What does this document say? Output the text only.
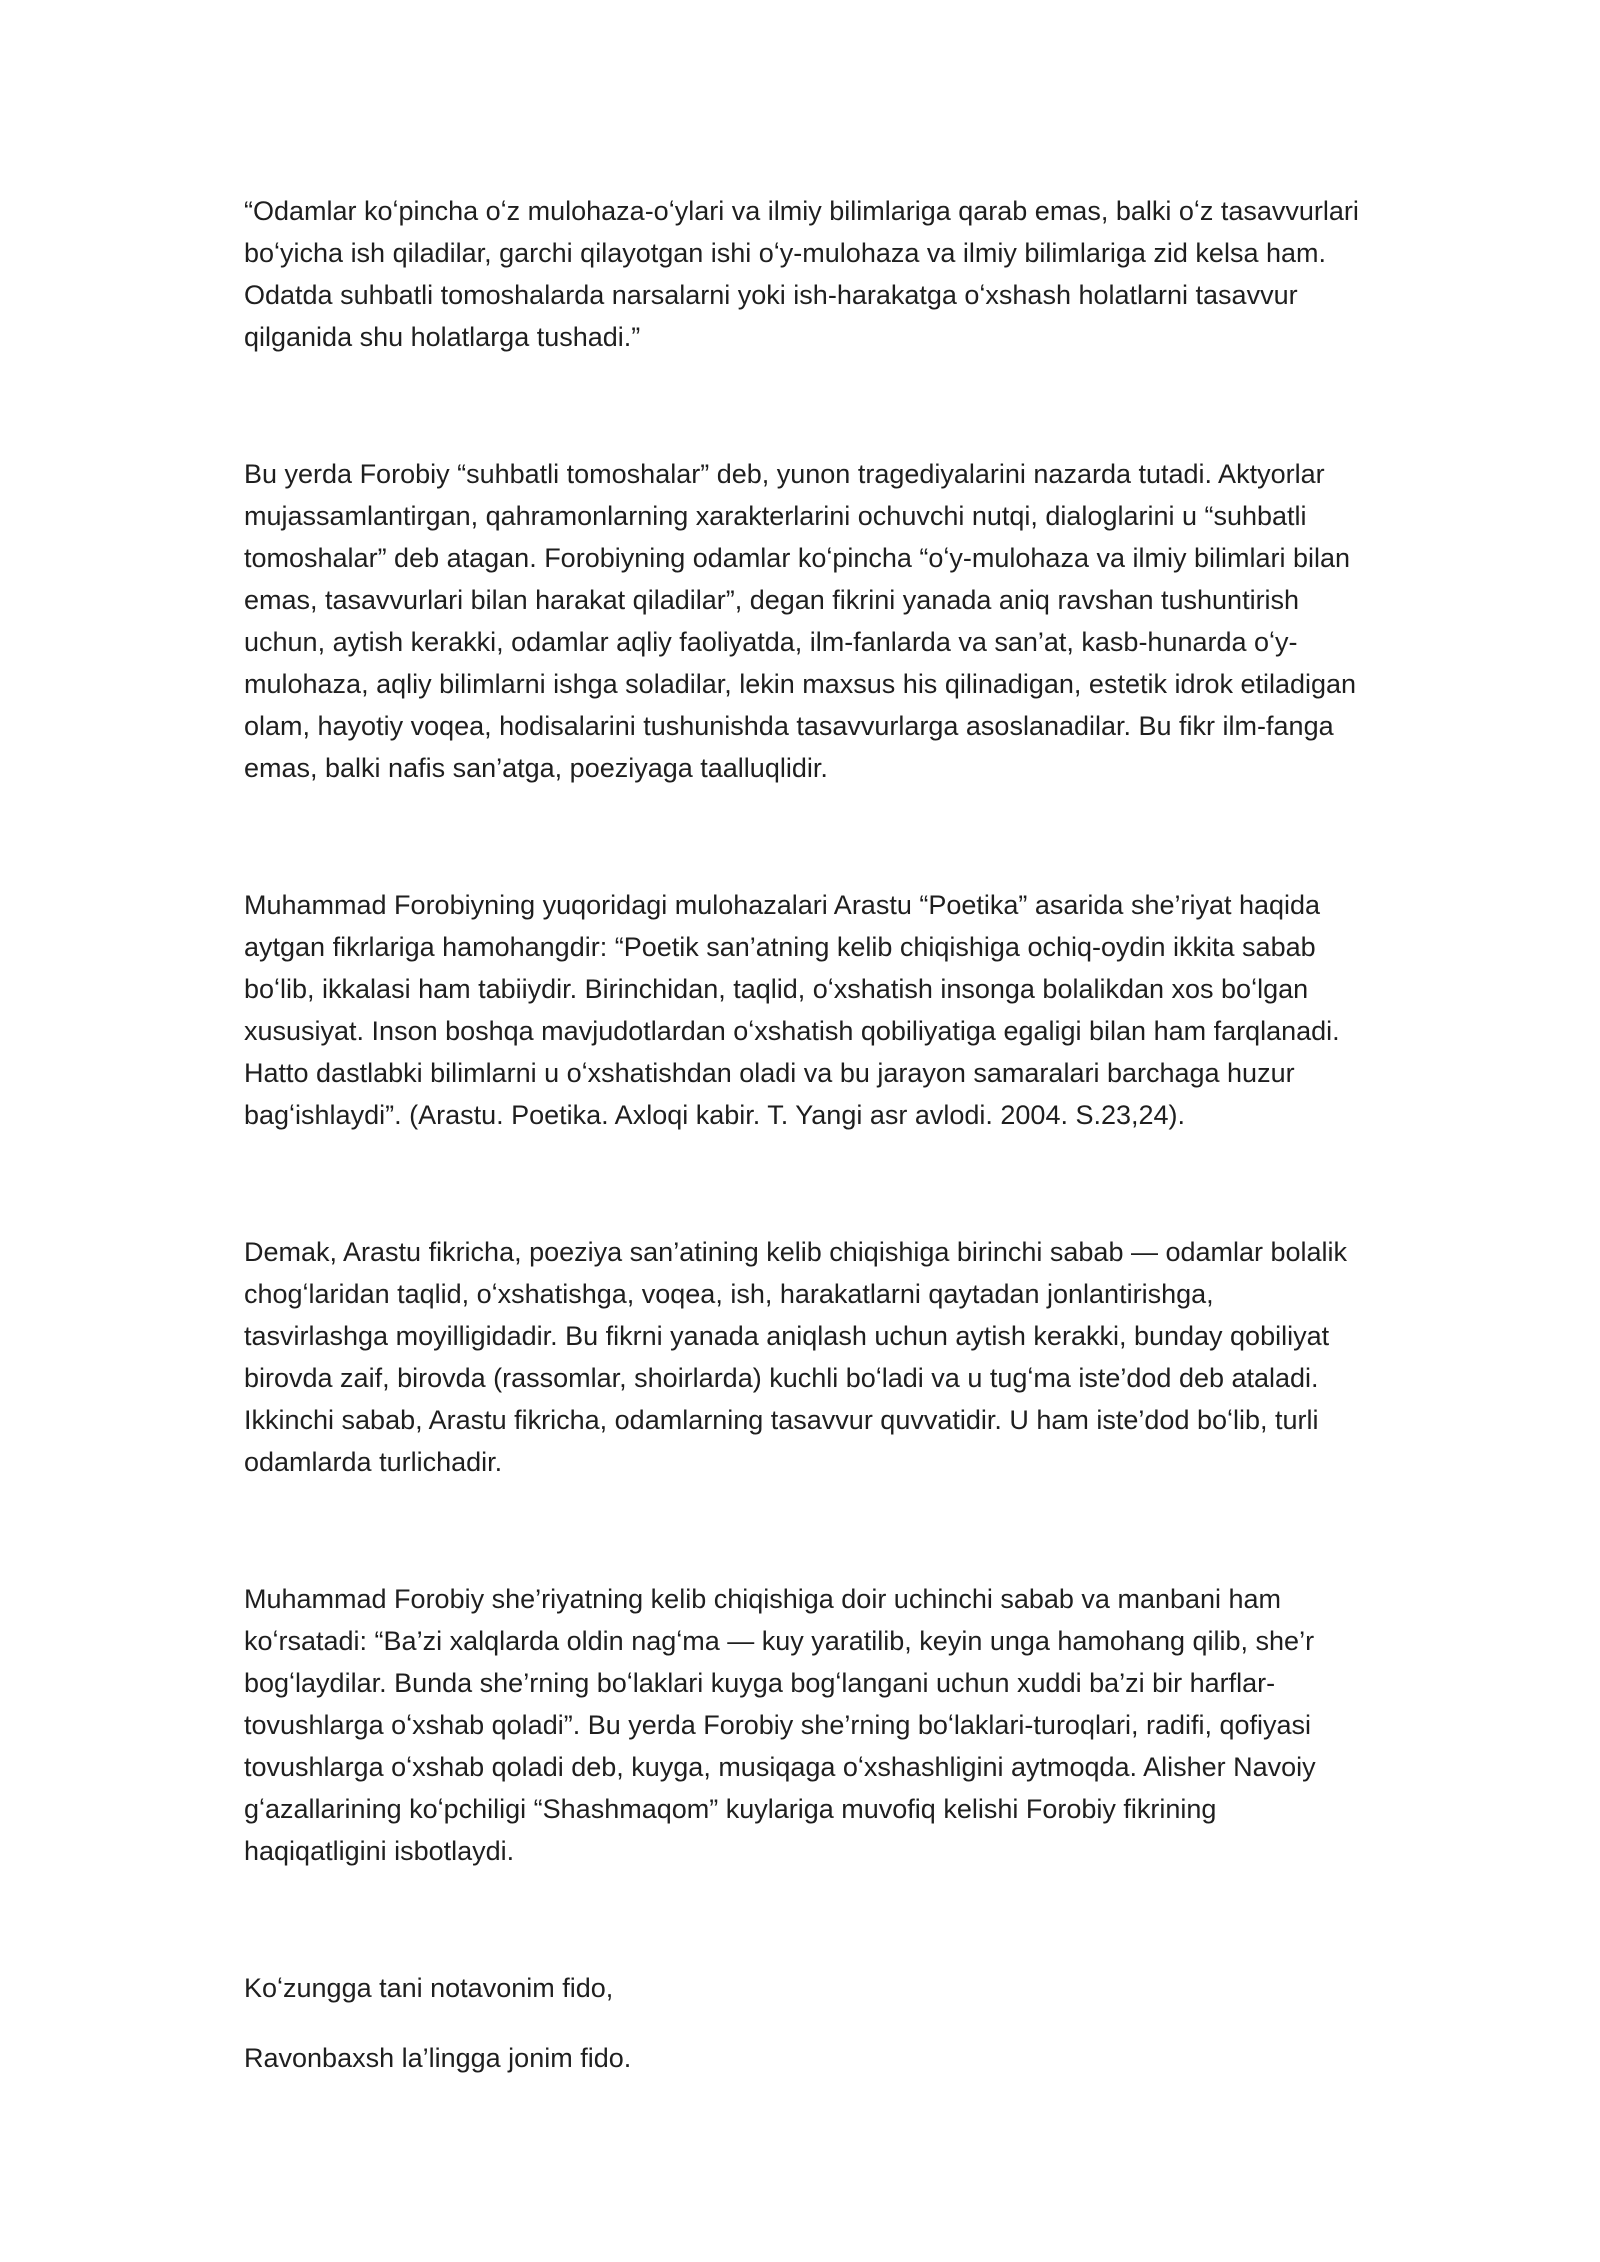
“Odamlar koʻpincha oʻz mulohaza-oʻylari va ilmiy bilimlariga qarab emas, balki oʻz tasavvurlari boʻyicha ish qiladilar, garchi qilayotgan ishi oʻy-mulohaza va ilmiy bilimlariga zid kelsa ham. Odatda suhbatli tomoshalarda narsalarni yoki ish-harakatga oʻxshash holatlarni tasavvur qilganida shu holatlarga tushadi.”

Bu yerda Forobiy “suhbatli tomoshalar” deb, yunon tragediyalarini nazarda tutadi. Aktyorlar mujassamlantirgan, qahramonlarning xarakterlarini ochuvchi nutqi, dialoglarini u “suhbatli tomoshalar” deb atagan. Forobiyning odamlar koʻpincha “oʻy-mulohaza va ilmiy bilimlari bilan emas, tasavvurlari bilan harakat qiladilar”, degan fikrini yanada aniq ravshan tushuntirish uchun, aytish kerakki, odamlar aqliy faoliyatda, ilm-fanlarda va san’at, kasb-hunarda oʻy-mulohaza, aqliy bilimlarni ishga soladilar, lekin maxsus his qilinadigan, estetik idrok etiladigan olam, hayotiy voqea, hodisalarini tushunishda tasavvurlarga asoslanadilar. Bu fikr ilm-fanga emas, balki nafis san’atga, poeziyaga taalluqlidir.

Muhammad Forobiyning yuqoridagi mulohazalari Arastu “Poetika” asarida she’riyat haqida aytgan fikrlariga hamohangdir: “Poetik san’atning kelib chiqishiga ochiq-oydin ikkita sabab boʻlib, ikkalasi ham tabiiydir. Birinchidan, taqlid, oʻxshatish insonga bolalikdan xos boʻlgan xususiyat. Inson boshqa mavjudotlardan oʻxshatish qobiliyatiga egaligi bilan ham farqlanadi. Hatto dastlabki bilimlarni u oʻxshatishdan oladi va bu jarayon samaralari barchaga huzur bagʻishlaydi”. (Arastu. Poetika. Axloqi kabir. T. Yangi asr avlodi. 2004. S.23,24).

Demak, Arastu fikricha, poeziya san’atining kelib chiqishiga birinchi sabab — odamlar bolalik chogʻlaridan taqlid, oʻxshatishga, voqea, ish, harakatlarni qaytadan jonlantirishga, tasvirlashga moyilligidadir. Bu fikrni yanada aniqlash uchun aytish kerakki, bunday qobiliyat birovda zaif, birovda (rassomlar, shoirlarda) kuchli boʻladi va u tugʻma iste’dod deb ataladi. Ikkinchi sabab, Arastu fikricha, odamlarning tasavvur quvvatidir. U ham iste’dod boʻlib, turli odamlarda turlichadir.

Muhammad Forobiy she’riyatning kelib chiqishiga doir uchinchi sabab va manbani ham koʻrsatadi: “Ba’zi xalqlarda oldin nagʻma — kuy yaratilib, keyin unga hamohang qilib, she’r bogʻlaydilar. Bunda she’rning boʻlaklari kuyga bogʻlangani uchun xuddi ba’zi bir harflar-tovushlarga oʻxshab qoladi”. Bu yerda Forobiy she’rning boʻlaklari-turoqlari, radifi, qofiyasi tovushlarga oʻxshab qoladi deb, kuyga, musiqaga oʻxshashligini aytmoqda. Alisher Navoiy gʻazallarining koʻpchiligi “Shashmaqom” kuylariga muvofiq kelishi Forobiy fikrining haqiqatligini isbotlaydi.

Koʻzungga tani notavonim fido,

Ravonbaxsh la’lingga jonim fido.
